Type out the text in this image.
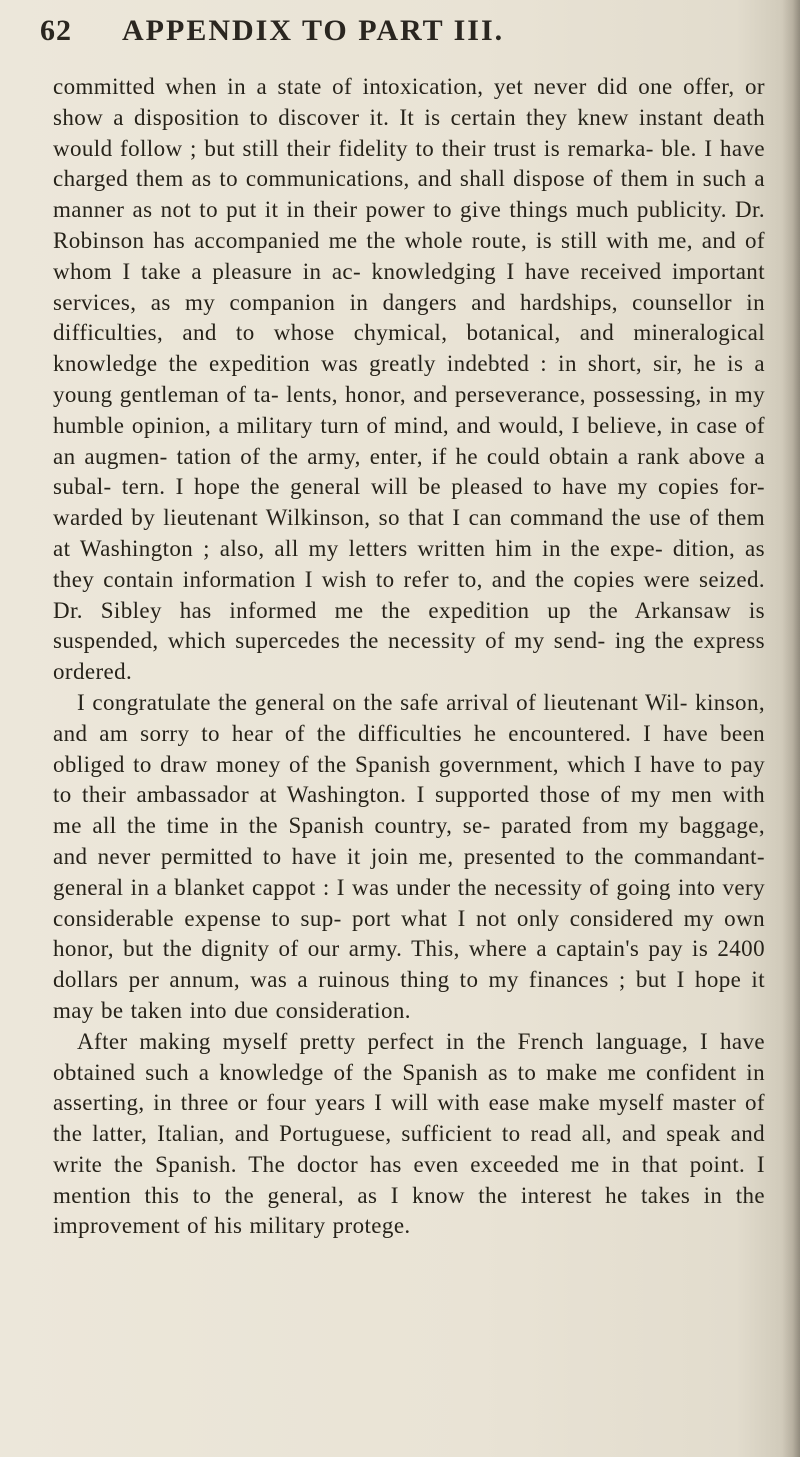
62 APPENDIX TO PART III.

committed when in a state of intoxication, yet never did one offer, or show a disposition to discover it. It is certain they knew instant death would follow ; but still their fidelity to their trust is remarka- ble. I have charged them as to communications, and shall dispose of them in such a manner as not to put it in their power to give things much publicity. Dr. Robinson has accompanied me the whole route, is still with me, and of whom I take a pleasure in ac- knowledging I have received important services, as my companion in dangers and hardships, counsellor in difficulties, and to whose chymical, botanical, and mineralogical knowledge the expedition was greatly indebted : in short, sir, he is a young gentleman of ta- lents, honor, and perseverance, possessing, in my humble opinion, a military turn of mind, and would, I believe, in case of an augmen- tation of the army, enter, if he could obtain a rank above a subal- tern. I hope the general will be pleased to have my copies for- warded by lieutenant Wilkinson, so that I can command the use of them at Washington ; also, all my letters written him in the expe- dition, as they contain information I wish to refer to, and the copies were seized. Dr. Sibley has informed me the expedition up the Arkansaw is suspended, which supercedes the necessity of my send- ing the express ordered.

I congratulate the general on the safe arrival of lieutenant Wil- kinson, and am sorry to hear of the difficulties he encountered. I have been obliged to draw money of the Spanish government, which I have to pay to their ambassador at Washington. I supported those of my men with me all the time in the Spanish country, se- parated from my baggage, and never permitted to have it join me, presented to the commandant-general in a blanket cappot : I was under the necessity of going into very considerable expense to sup- port what I not only considered my own honor, but the dignity of our army. This, where a captain's pay is 2400 dollars per annum, was a ruinous thing to my finances ; but I hope it may be taken into due consideration.

After making myself pretty perfect in the French language, I have obtained such a knowledge of the Spanish as to make me confident in asserting, in three or four years I will with ease make myself master of the latter, Italian, and Portuguese, sufficient to read all, and speak and write the Spanish. The doctor has even exceeded me in that point. I mention this to the general, as I know the interest he takes in the improvement of his military protege.
